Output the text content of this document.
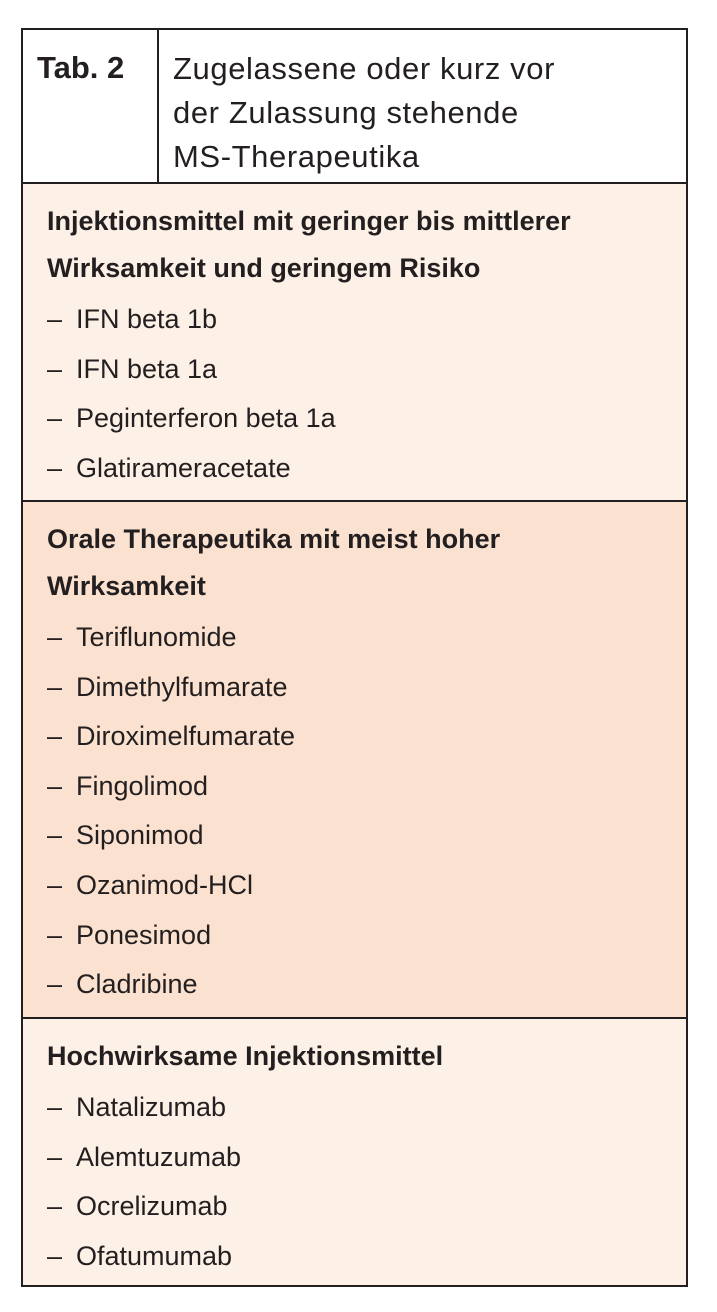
Tab. 2	Zugelassene oder kurz vor
der Zulassung stehende
MS-Therapeutika
Injektionsmittel mit geringer bis mittlerer
Wirksamkeit und geringem Risiko
– IFN beta 1b
– IFN beta 1a
– Peginterferon beta 1a
– Glatirameracetate
Orale Therapeutika mit meist hoher
Wirksamkeit
– Teriflunomide
– Dimethylfumarate
– Diroximelfumarate
– Fingolimod
– Siponimod
– Ozanimod-HCl
– Ponesimod
– Cladribine
Hochwirksame Injektionsmittel
– Natalizumab
– Alemtuzumab
– Ocrelizumab
– Ofatumumab
